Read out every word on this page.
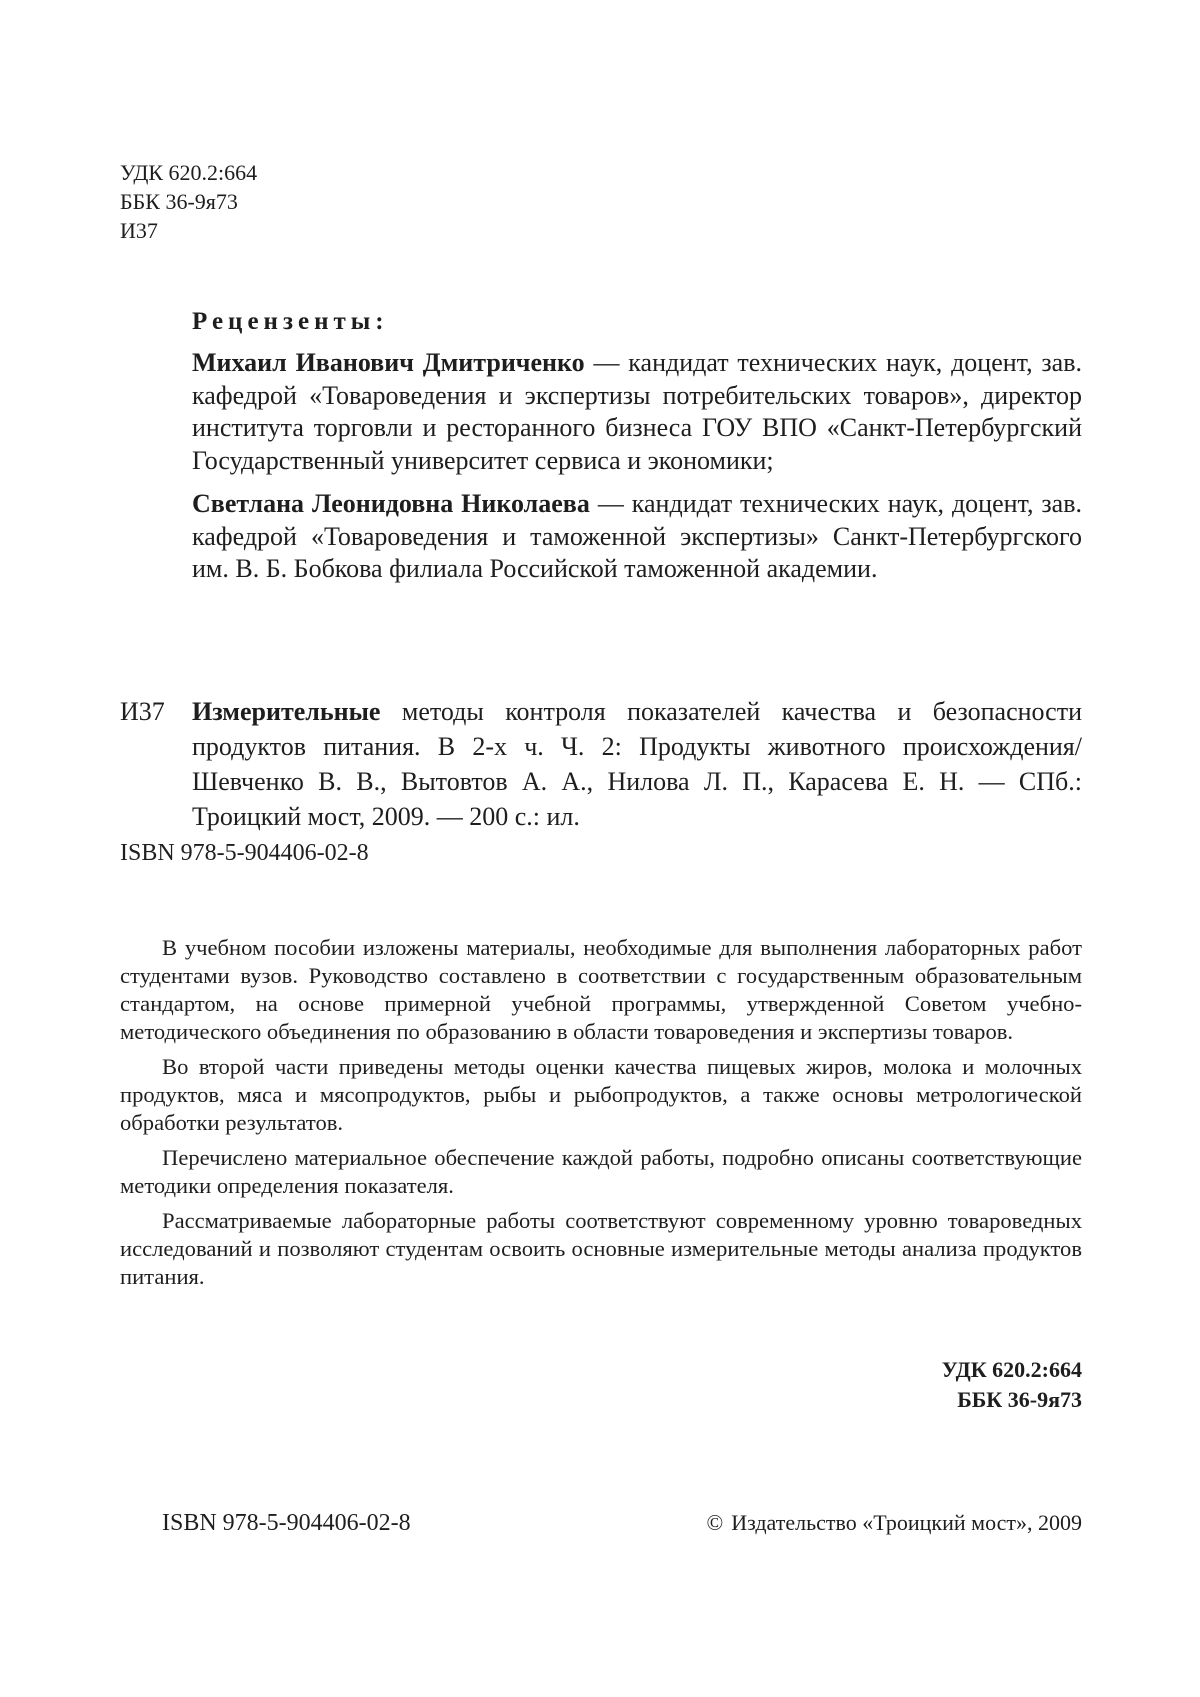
УДК 620.2:664
ББК 36-9я73
И37
Рецензенты:
Михаил Иванович Дмитриченко — кандидат технических наук, доцент, зав. кафедрой «Товароведения и экспертизы потребительских товаров», директор института торговли и ресторанного бизнеса ГОУ ВПО «Санкт-Петербургский Государственный университет сервиса и экономики;
Светлана Леонидовна Николаева — кандидат технических наук, доцент, зав. кафедрой «Товароведения и таможенной экспертизы» Санкт-Петербургского им. В. Б. Бобкова филиала Российской таможенной академии.
И37 Измерительные методы контроля показателей качества и безопасности продуктов питания. В 2-х ч. Ч. 2: Продукты животного происхождения/Шевченко В. В., Вытовтов А. А., Нилова Л. П., Карасева Е. Н. — СПб.: Троицкий мост, 2009. — 200 с.: ил.
ISBN 978-5-904406-02-8

В учебном пособии изложены материалы, необходимые для выполнения лабораторных работ студентами вузов. Руководство составлено в соответствии с государственным образовательным стандартом, на основе примерной учебной программы, утвержденной Советом учебно-методического объединения по образованию в области товароведения и экспертизы товаров.

Во второй части приведены методы оценки качества пищевых жиров, молока и молочных продуктов, мяса и мясопродуктов, рыбы и рыбопродуктов, а также основы метрологической обработки результатов.

Перечислено материальное обеспечение каждой работы, подробно описаны соответствующие методики определения показателя.

Рассматриваемые лабораторные работы соответствуют современному уровню товароведных исследований и позволяют студентам освоить основные измерительные методы анализа продуктов питания.

УДК 620.2:664
ББК 36-9я73
ISBN 978-5-904406-02-8	© Издательство «Троицкий мост», 2009
